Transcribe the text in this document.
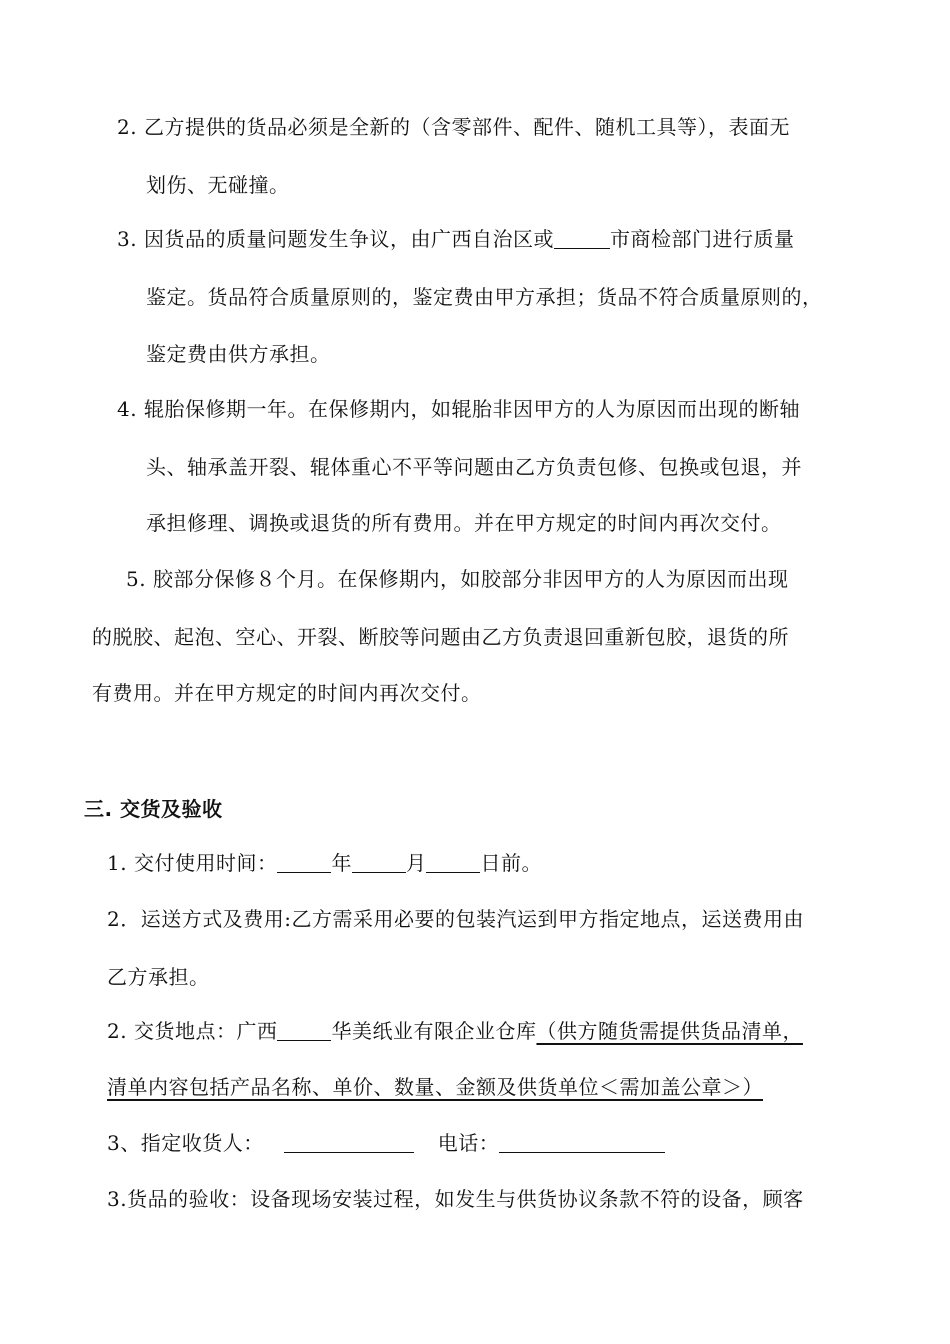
2. 乙方提供的货品必须是全新的（含零部件、配件、随机工具等），表面无
划伤、无碰撞。
3. 因货品的质量问题发生争议，由广西自治区或	市商检部门进行质量
鉴定。货品符合质量原则的，鉴定费由甲方承担；货品不符合质量原则的，
鉴定费由供方承担。
4. 辊胎保修期一年。在保修期内，如辊胎非因甲方的人为原因而出现的断轴
头、轴承盖开裂、辊体重心不平等问题由乙方负责包修、包换或包退，并
承担修理、调换或退货的所有费用。并在甲方规定的时间内再次交付。
5. 胶部分保修８个月。在保修期内，如胶部分非因甲方的人为原因而出现
的脱胶、起泡、空心、开裂、断胶等问题由乙方负责退回重新包胶，退货的所
有费用。并在甲方规定的时间内再次交付。
三. 交货及验收
1. 交付使用时间：	年	月	日前。
2．运送方式及费用:乙方需采用必要的包装汽运到甲方指定地点，运送费用由
乙方承担。
2. 交货地点：广西	华美纸业有限企业仓库（供方随货需提供货品清单，
清单内容包括产品名称、单价、数量、金额及供货单位＜需加盖公章＞）
3、指定收货人：	电话：
3.货品的验收：设备现场安装过程，如发生与供货协议条款不符的设备，顾客
